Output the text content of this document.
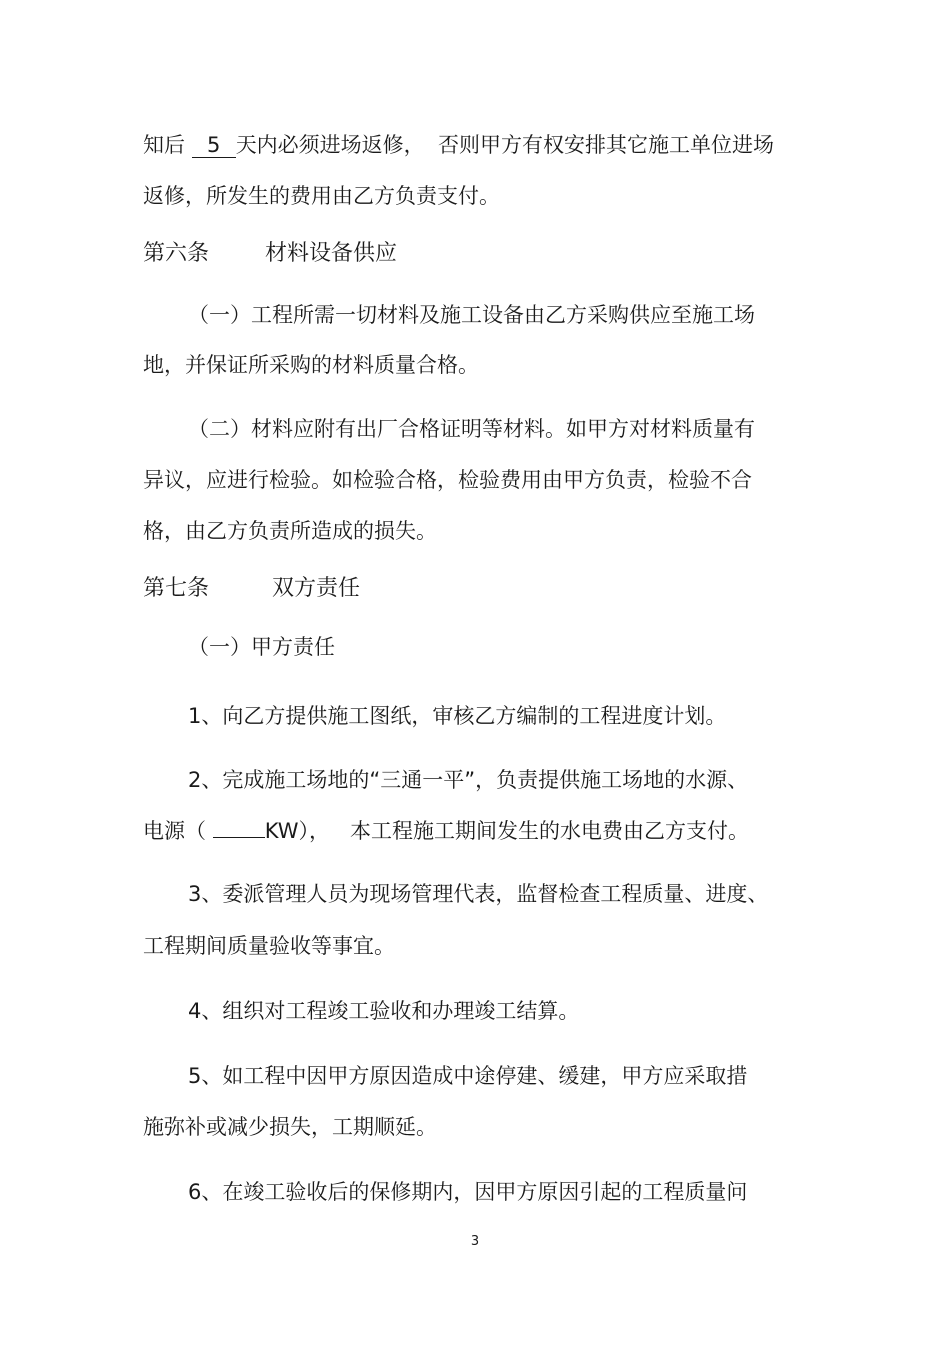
知后 5 天内必须进场返修，  否则甲方有权安排其它施工单位进场
返修，所发生的费用由乙方负责支付。
第六条        材料设备供应
（一）工程所需一切材料及施工设备由乙方采购供应至施工场
地，并保证所采购的材料质量合格。
（二）材料应附有出厂合格证明等材料。如甲方对材料质量有
异议，应进行检验。如检验合格，检验费用由甲方负责，检验不合
格，由乙方负责所造成的损失。
第七条         双方责任
（一）甲方责任
1、向乙方提供施工图纸，审核乙方编制的工程进度计划。
2、完成施工场地的“三通一平”，负责提供施工场地的水源、
电源（ KW），   本工程施工期间发生的水电费由乙方支付。
3、委派管理人员为现场管理代表，监督检查工程质量、进度、
工程期间质量验收等事宜。
4、组织对工程竣工验收和办理竣工结算。
5、如工程中因甲方原因造成中途停建、缓建，甲方应采取措
施弥补或减少损失，工期顺延。
6、在竣工验收后的保修期内，因甲方原因引起的工程质量问
3
